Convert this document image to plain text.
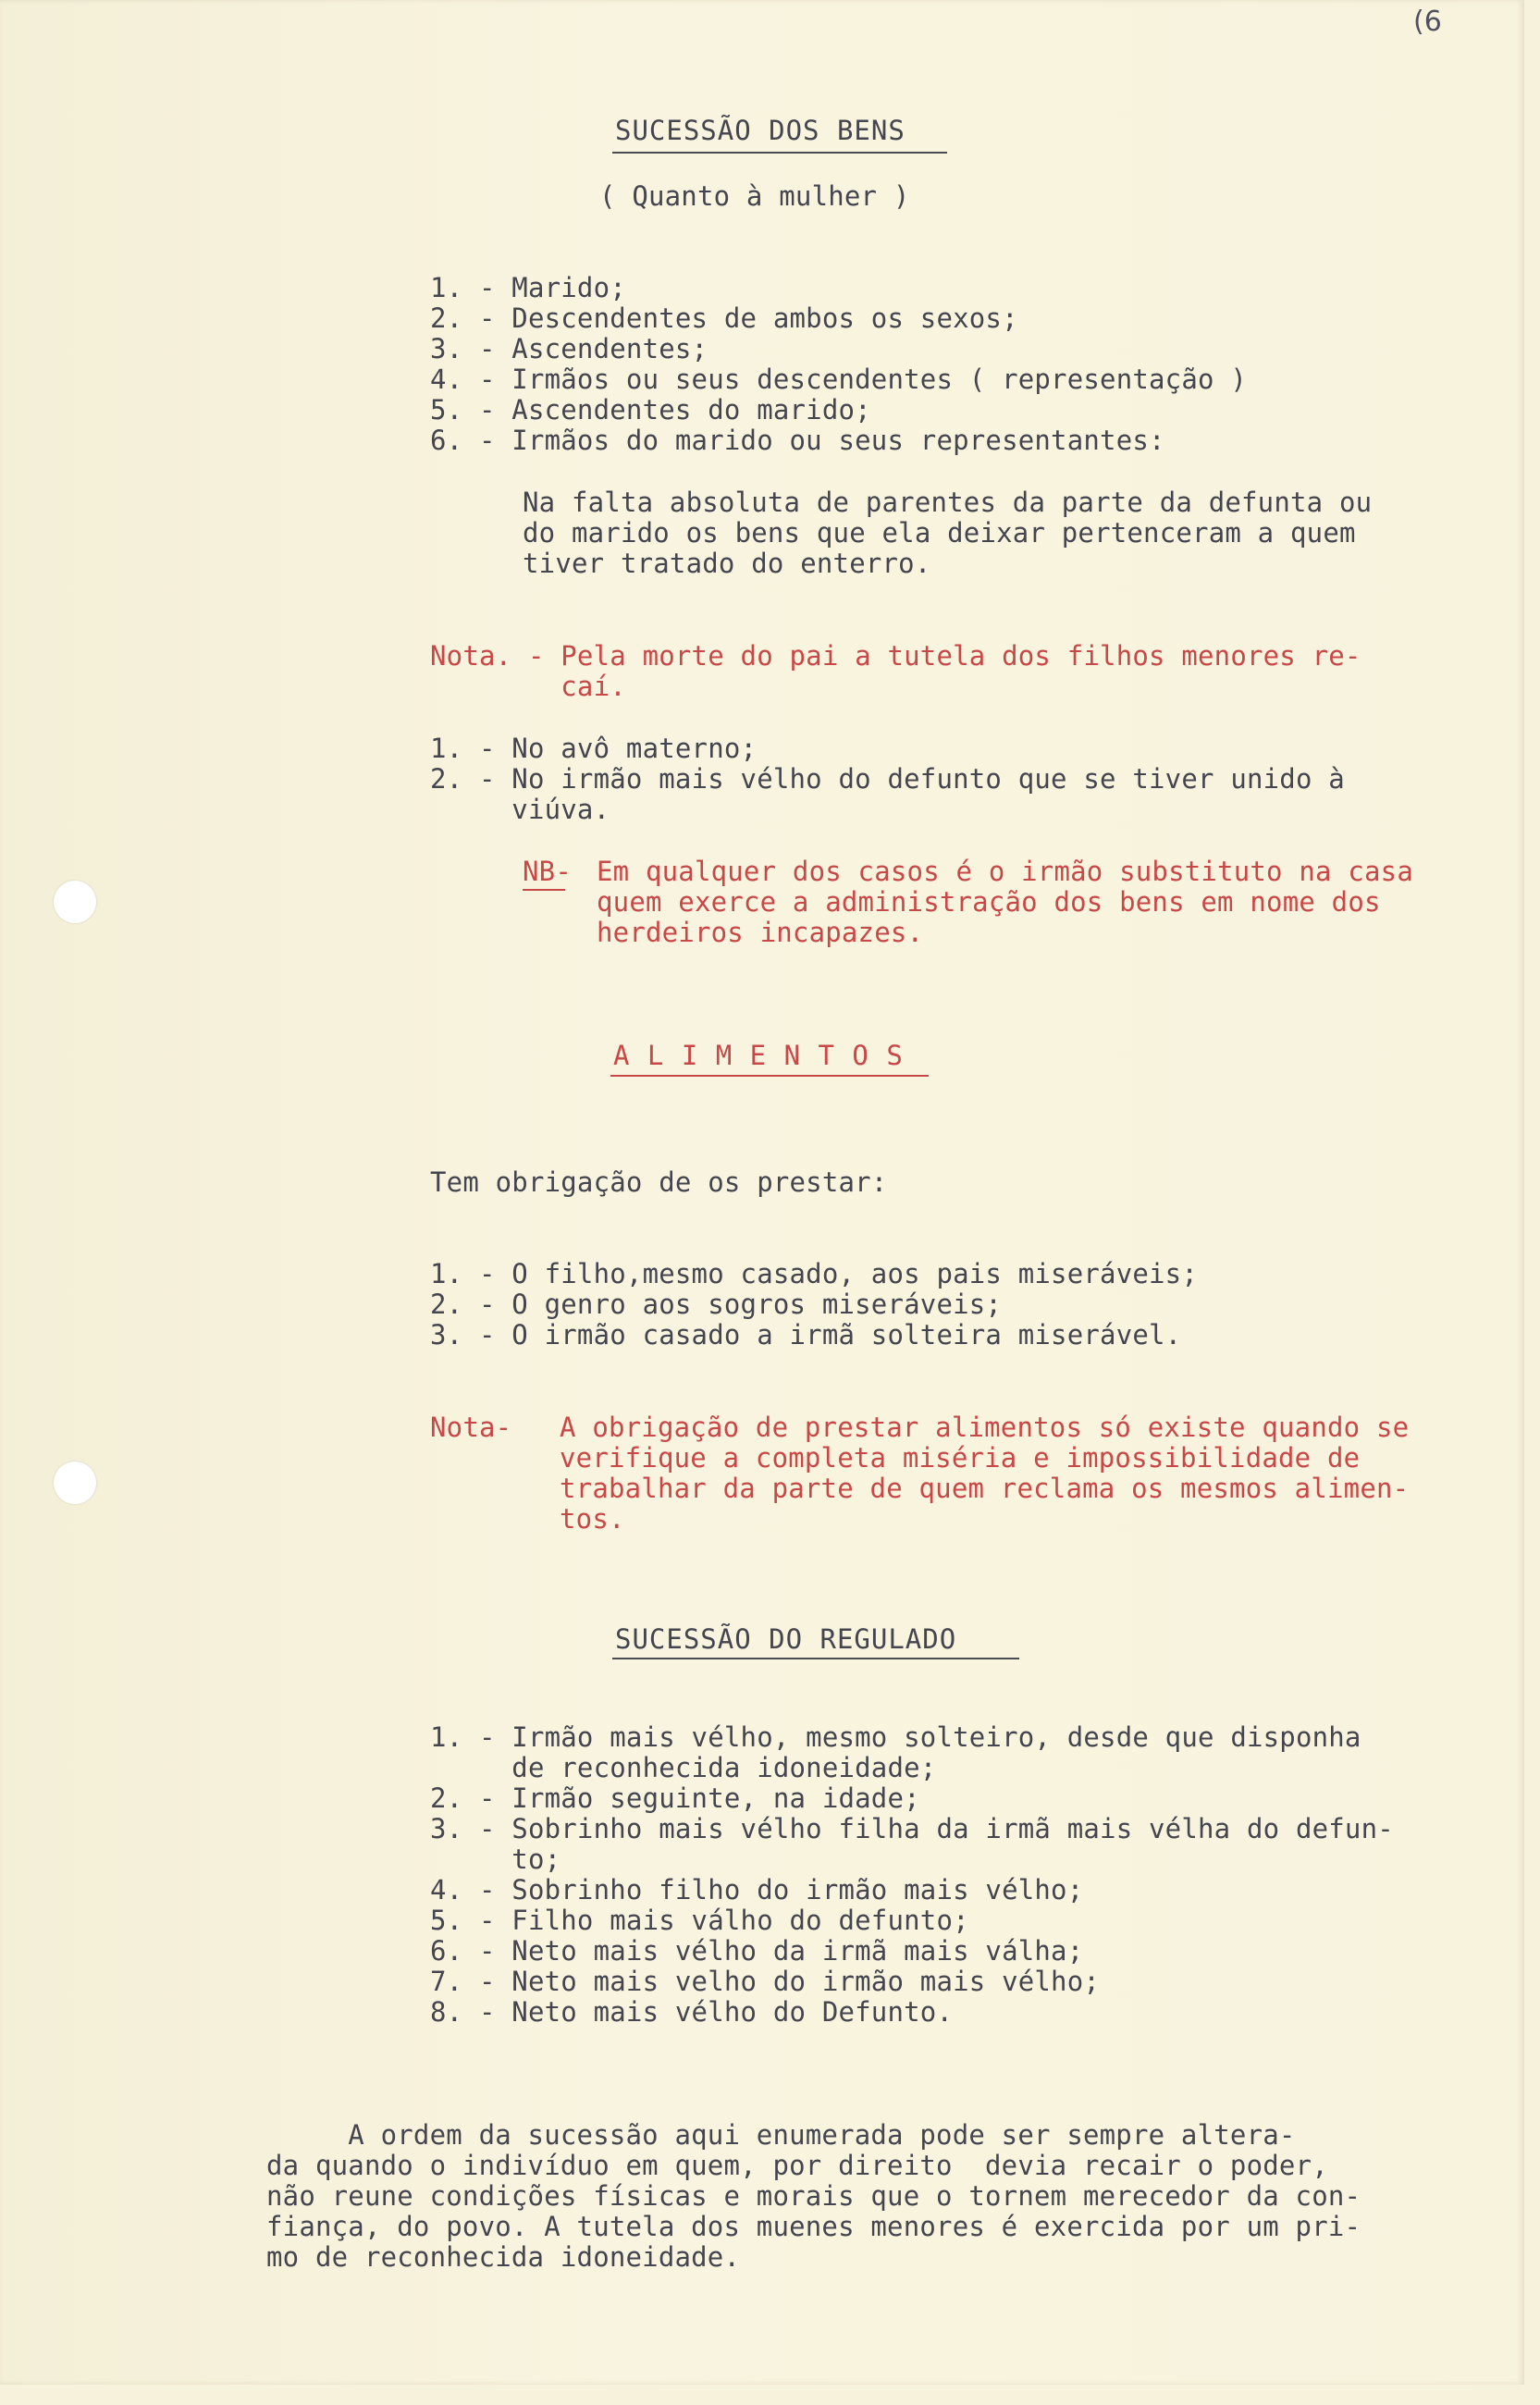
(6
SUCESSÃO DOS BENS
( Quanto à mulher )
1. - Marido;
2. - Descendentes de ambos os sexos;
3. - Ascendentes;
4. - Irmãos ou seus descendentes ( representação )
5. - Ascendentes do marido;
6. - Irmãos do marido ou seus representantes:
Na falta absoluta de parentes da parte da defunta ou
do marido os bens que ela deixar pertenceram a quem
tiver tratado do enterro.
Nota. - Pela morte do pai a tutela dos filhos menores re-
caí.
1. - No avô materno;
2. - No irmão mais vélho do defunto que se tiver unido à
viúva.
NB- Em qualquer dos casos é o irmão substituto na casa
quem exerce a administração dos bens em nome dos
herdeiros incapazes.
A L I M E N T O S
Tem obrigação de os prestar:
1. - O filho,mesmo casado, aos pais miseráveis;
2. - O genro aos sogros miseráveis;
3. - O irmão casado a irmã solteira miserável.
Nota- A obrigação de prestar alimentos só existe quando se
verifique a completa miséria e impossibilidade de
trabalhar da parte de quem reclama os mesmos alimen-
tos.
SUCESSÃO DO REGULADO
1. - Irmão mais vélho, mesmo solteiro, desde que disponha
de reconhecida idoneidade;
2. - Irmão seguinte, na idade;
3. - Sobrinho mais vélho filha da irmã mais vélha do defun-
to;
4. - Sobrinho filho do irmão mais vélho;
5. - Filho mais válho do defunto;
6. - Neto mais vélho da irmã mais válha;
7. - Neto mais velho do irmão mais vélho;
8. - Neto mais vélho do Defunto.
A ordem da sucessão aqui enumerada pode ser sempre altera-
da quando o indivíduo em quem, por direito  devia recair o poder,
não reune condições físicas e morais que o tornem merecedor da con-
fiança, do povo. A tutela dos muenes menores é exercida por um pri-
mo de reconhecida idoneidade.
